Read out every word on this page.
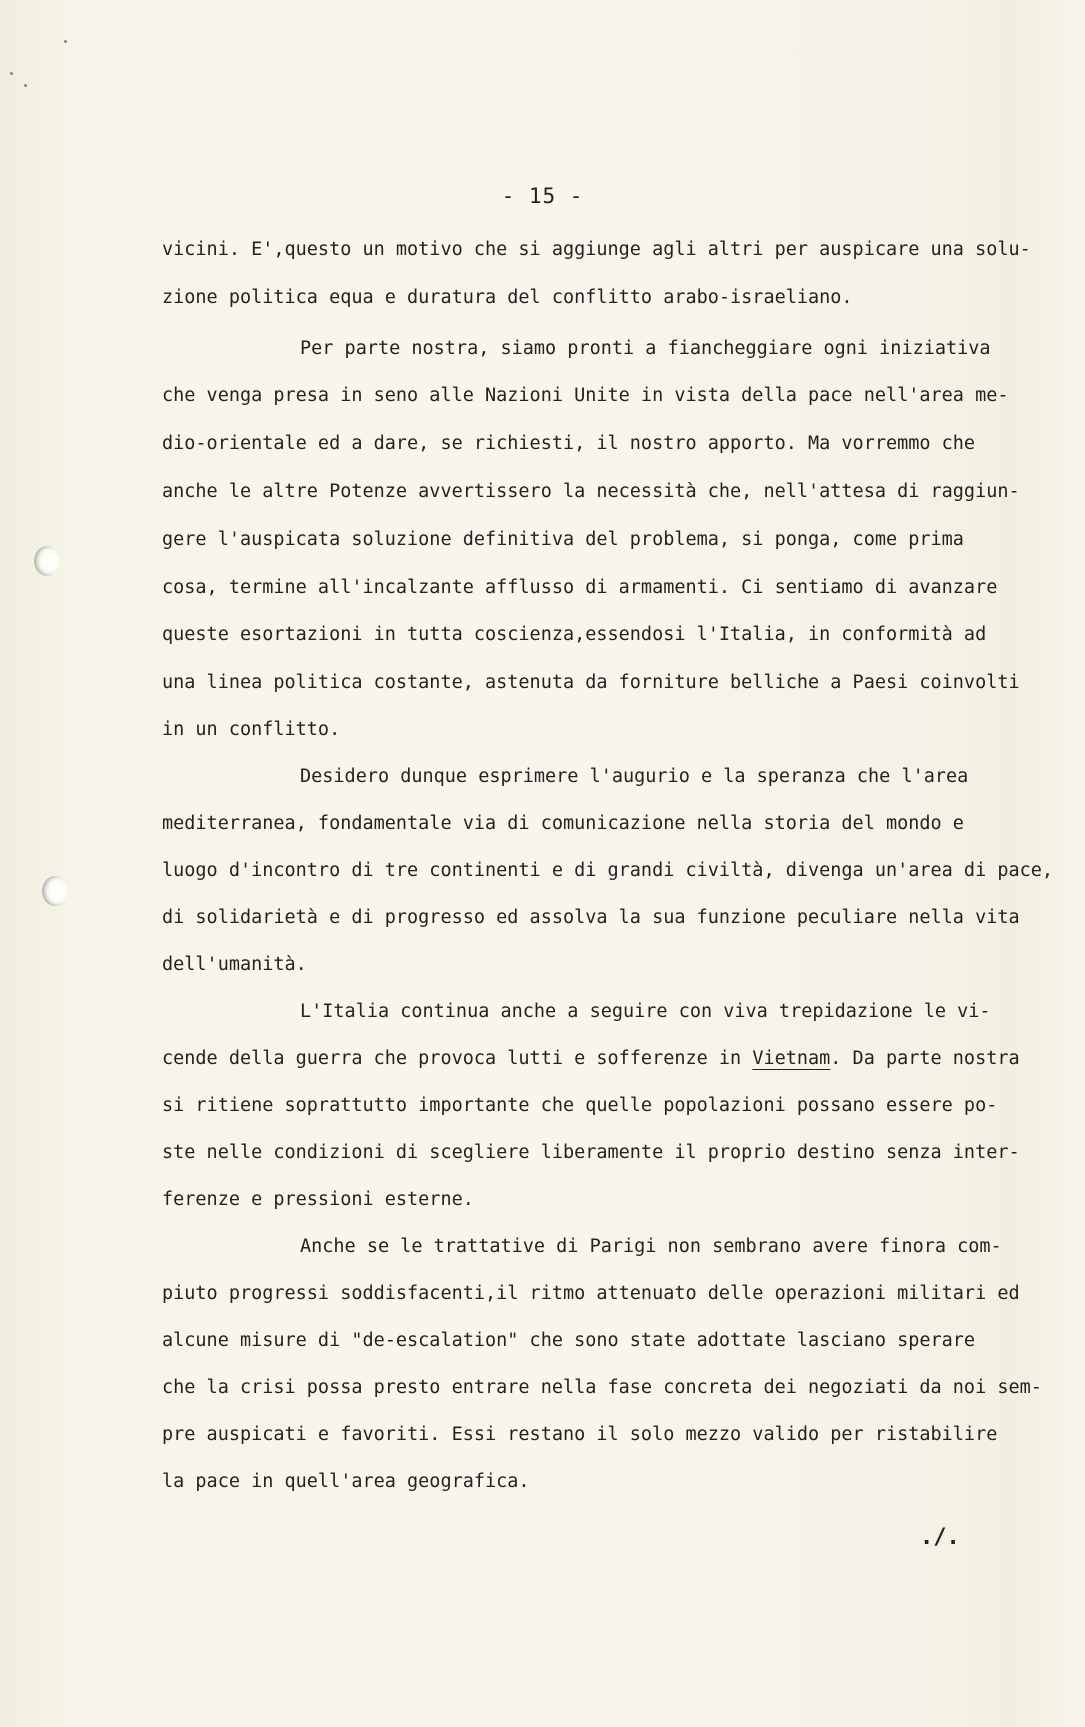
- 15 -
vicini. E',questo un motivo che si aggiunge agli altri per auspicare una solu-
zione politica equa e duratura del conflitto arabo-israeliano.
Per parte nostra, siamo pronti a fiancheggiare ogni iniziativa
che venga presa in seno alle Nazioni Unite in vista della pace nell'area me-
dio-orientale ed a dare, se richiesti, il nostro apporto. Ma vorremmo che
anche le altre Potenze avvertissero la necessità che, nell'attesa di raggiun-
gere l'auspicata soluzione definitiva del problema, si ponga, come prima
cosa, termine all'incalzante afflusso di armamenti. Ci sentiamo di avanzare
queste esortazioni in tutta coscienza,essendosi l'Italia, in conformità ad
una linea politica costante, astenuta da forniture belliche a Paesi coinvolti
in un conflitto.
Desidero dunque esprimere l'augurio e la speranza che l'area
mediterranea, fondamentale via di comunicazione nella storia del mondo e
luogo d'incontro di tre continenti e di grandi civiltà, divenga un'area di pace,
di solidarietà e di progresso ed assolva la sua funzione peculiare nella vita
dell'umanità.
L'Italia continua anche a seguire con viva trepidazione le vi-
cende della guerra che provoca lutti e sofferenze in Vietnam. Da parte nostra
si ritiene soprattutto importante che quelle popolazioni possano essere po-
ste nelle condizioni di scegliere liberamente il proprio destino senza inter-
ferenze e pressioni esterne.
Anche se le trattative di Parigi non sembrano avere finora com-
piuto progressi soddisfacenti,il ritmo attenuato delle operazioni militari ed
alcune misure di "de-escalation" che sono state adottate lasciano sperare
che la crisi possa presto entrare nella fase concreta dei negoziati da noi sem-
pre auspicati e favoriti. Essi restano il solo mezzo valido per ristabilire
la pace in quell'area geografica.
./.
